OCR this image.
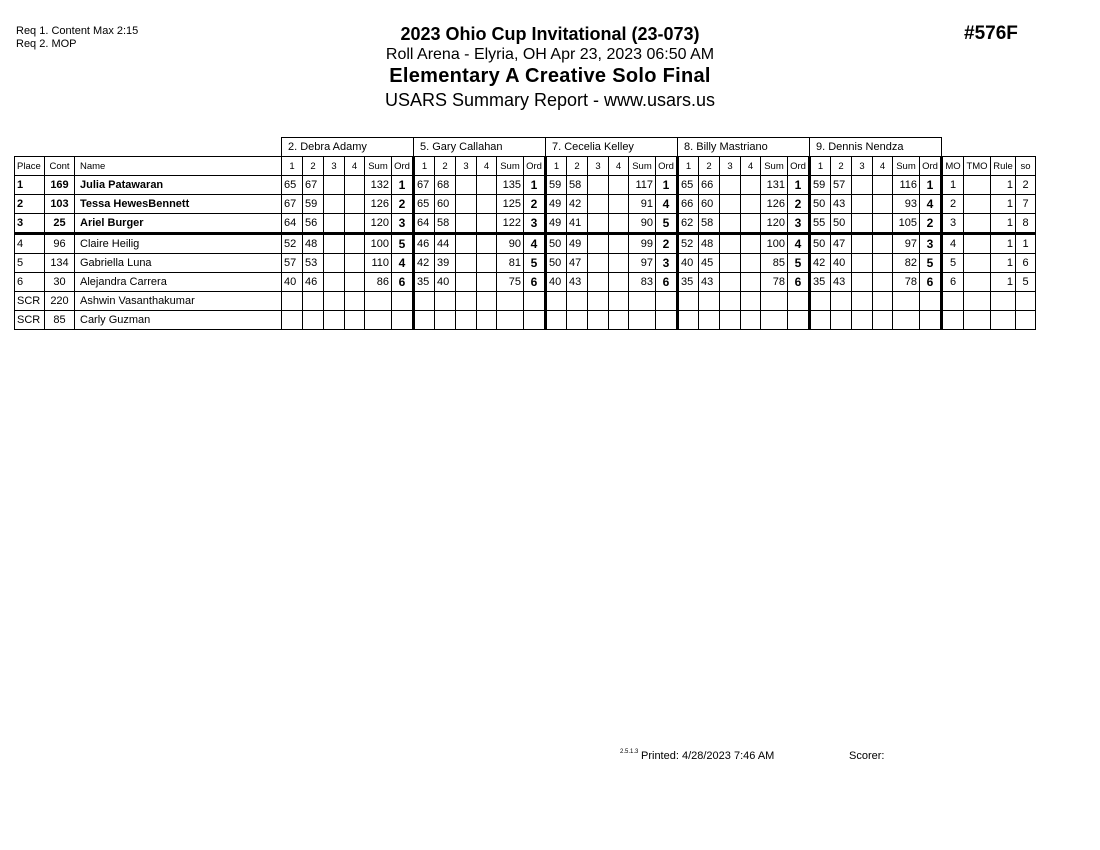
Req 1. Content Max 2:15
Req 2. MOP	2023 Ohio Cup Invitational (23-073)
Roll Arena - Elyria, OH Apr 23, 2023 06:50 AM
Elementary A Creative Solo Final
USARS Summary Report - www.usars.us
#576F
			2. Debra Adamy						5. Gary Callahan						7. Cecelia Kelley						8. Billy Mastriano						9. Dennis Nendza									
Place	Cont	Name	1	2	3	4	Sum	Ord	1	2	3	4	Sum	Ord	1	2	3	4	Sum	Ord	1	2	3	4	Sum	Ord	1	2	3	4	Sum	Ord	MO	TMO	Rule	so
1	169	Julia Patawaran	65	67			132	1	67	68			135	1	59	58			117	1	65	66			131	1	59	57			116	1	1		1	2
2	103	Tessa HewesBennett	67	59			126	2	65	60			125	2	49	42			91	4	66	60			126	2	50	43			93	4	2		1	7
3	25	Ariel Burger	64	56			120	3	64	58			122	3	49	41			90	5	62	58			120	3	55	50			105	2	3		1	8
4	96	Claire Heilig	52	48			100	5	46	44			90	4	50	49			99	2	52	48			100	4	50	47			97	3	4		1	1
5	134	Gabriella Luna	57	53			110	4	42	39			81	5	50	47			97	3	40	45			85	5	42	40			82	5	5		1	6
6	30	Alejandra Carrera	40	46			86	6	35	40			75	6	40	43			83	6	35	43			78	6	35	43			78	6	6		1	5
SCR	220	Ashwin Vasanthakumar																																		
SCR	85	Carly Guzman																																		
2.5.1.3 Printed: 4/28/2023 7:46 AM	Scorer:
